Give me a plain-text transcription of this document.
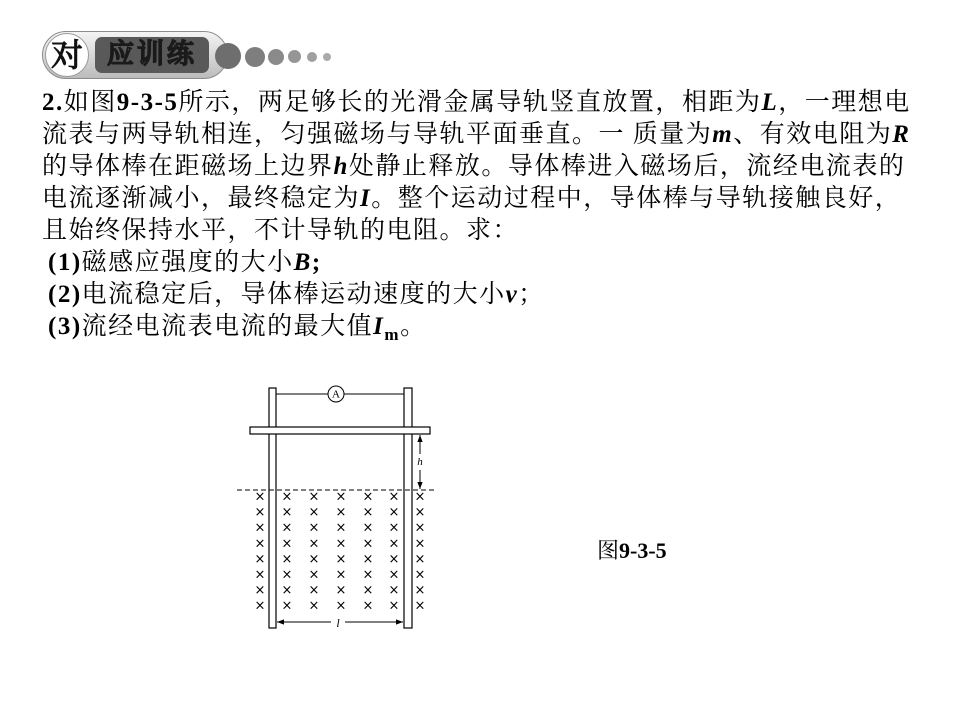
对 应训练
2. 如图 9-3-5 所示，两足够长的光滑金属导轨竖直放置，相距为 L ，一理想电
流表与两导轨相连，匀强磁场与导轨平面垂直。一 质量为 m 、有效电阻为 R
的导体棒在距磁场上边界 h 处静止释放。导体棒进入磁场后，流经电流表的
电流逐渐减小，最终稳定为 I 。整个运动过程中，导体棒与导轨接触良好，
且始终保持水平，不计导轨的电阻。求：
(1) 磁感应强度的大小 B ;
(2) 电流稳定后，导体棒运动速度的大小 v ；
(3) 流经电流表电流的最大值 I m 。
A
h
× × × × × × ×
× × × × × × ×
× × × × × × ×
× × × × × × ×
× × × × × × ×
× × × × × × ×
× × × × × × ×
× × × × × × ×
l
图9-3-5
